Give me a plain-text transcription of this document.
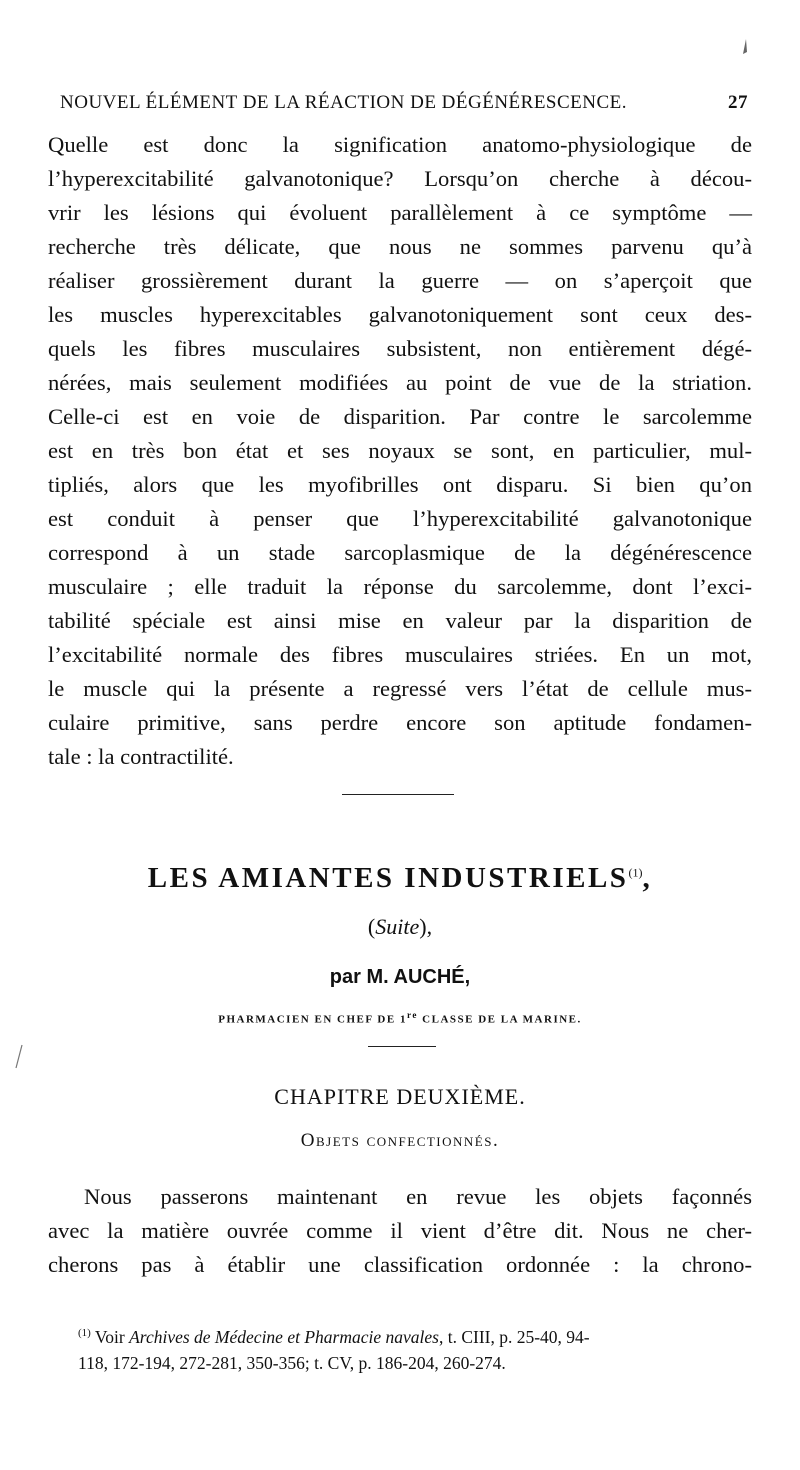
NOUVEL ÉLÉMENT DE LA RÉACTION DE DÉGÉNÉRESCENCE.	27
Quelle est donc la signification anatomo-physiologique de
l’hyperexcitabilité galvanotonique? Lorsqu’on cherche à décou-
vrir les lésions qui évoluent parallèlement à ce symptôme —
recherche très délicate, que nous ne sommes parvenu qu’à
réaliser grossièrement durant la guerre — on s’aperçoit que
les muscles hyperexcitables galvanotoniquement sont ceux des-
quels les fibres musculaires subsistent, non entièrement dégé-
nérées, mais seulement modifiées au point de vue de la striation.
Celle-ci est en voie de disparition. Par contre le sarcolemme
est en très bon état et ses noyaux se sont, en particulier, mul-
tipliés, alors que les myofibrilles ont disparu. Si bien qu’on
est conduit à penser que l’hyperexcitabilité galvanotonique
correspond à un stade sarcoplasmique de la dégénérescence
musculaire ; elle traduit la réponse du sarcolemme, dont l’exci-
tabilité spéciale est ainsi mise en valeur par la disparition de
l’excitabilité normale des fibres musculaires striées. En un mot,
le muscle qui la présente a regressé vers l’état de cellule mus-
culaire primitive, sans perdre encore son aptitude fondamen-
tale : la contractilité.
LES AMIANTES INDUSTRIELS$^{(1)}$,
(Suite),
par M. AUCHÉ,
PHARMACIEN EN CHEF DE 1re CLASSE DE LA MARINE.
CHAPITRE DEUXIÈME.
Objets confectionnés.
Nous passerons maintenant en revue les objets façonnés
avec la matière ouvrée comme il vient d’être dit. Nous ne cher-
cherons pas à établir une classification ordonnée : la chrono-
$^{(1)}$ Voir Archives de Médecine et Pharmacie navales, t. CIII, p. 25-40, 94-
118, 172-194, 272-281, 350-356; t. CV, p. 186-204, 260-274.
